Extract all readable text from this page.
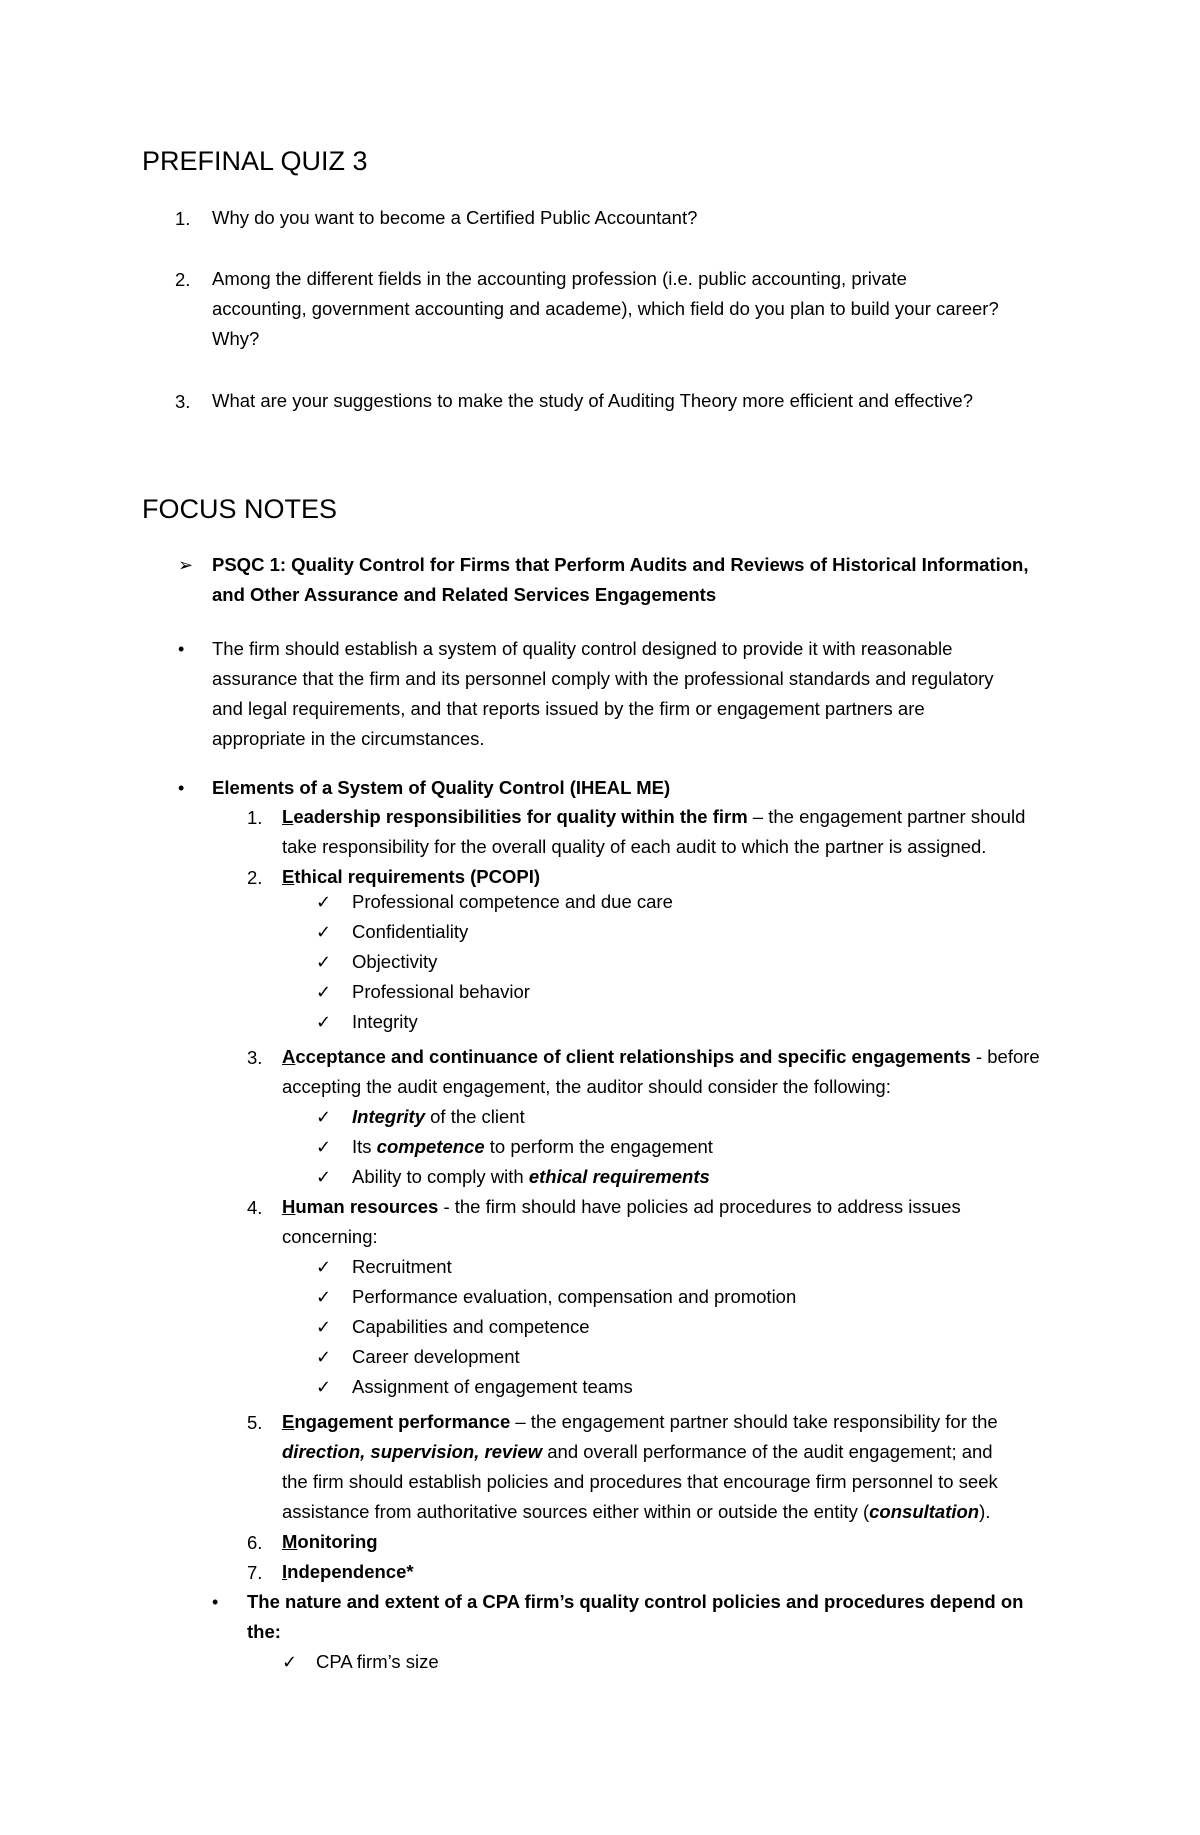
PREFINAL QUIZ 3
1. Why do you want to become a Certified Public Accountant?
2. Among the different fields in the accounting profession (i.e. public accounting, private
accounting, government accounting and academe), which field do you plan to build your career?
Why?
3. What are your suggestions to make the study of Auditing Theory more efficient and effective?
FOCUS NOTES
➢ PSQC 1: Quality Control for Firms that Perform Audits and Reviews of Historical Information,
and Other Assurance and Related Services Engagements
• The firm should establish a system of quality control designed to provide it with reasonable
assurance that the firm and its personnel comply with the professional standards and regulatory
and legal requirements, and that reports issued by the firm or engagement partners are
appropriate in the circumstances.
• Elements of a System of Quality Control (IHEAL ME)
1. Leadership responsibilities for quality within the firm – the engagement partner should
take responsibility for the overall quality of each audit to which the partner is assigned.
2. Ethical requirements (PCOPI)
✓ Professional competence and due care
✓ Confidentiality
✓ Objectivity
✓ Professional behavior
✓ Integrity
3. Acceptance and continuance of client relationships and specific engagements - before
accepting the audit engagement, the auditor should consider the following:
✓ Integrity of the client
✓ Its competence to perform the engagement
✓ Ability to comply with ethical requirements
4. Human resources - the firm should have policies ad procedures to address issues
concerning:
✓ Recruitment
✓ Performance evaluation, compensation and promotion
✓ Capabilities and competence
✓ Career development
✓ Assignment of engagement teams
5. Engagement performance – the engagement partner should take responsibility for the
direction, supervision, review and overall performance of the audit engagement; and
the firm should establish policies and procedures that encourage firm personnel to seek
assistance from authoritative sources either within or outside the entity (consultation).
6. Monitoring
7. Independence*
• The nature and extent of a CPA firm’s quality control policies and procedures depend on
the:
✓ CPA firm’s size
